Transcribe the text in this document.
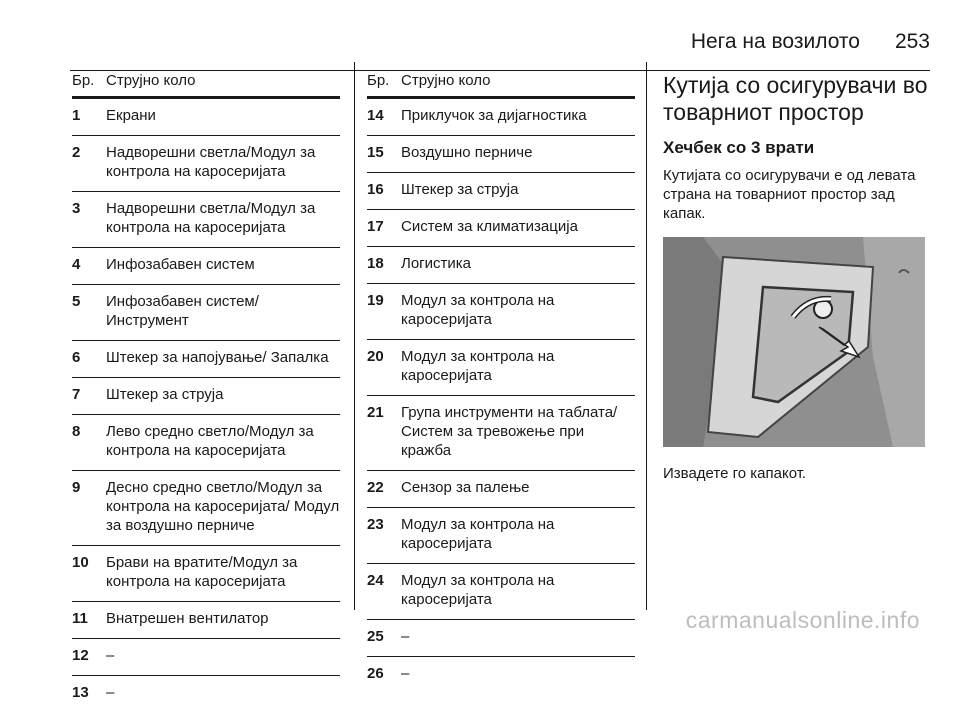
Нега на возилото 253
Бр.	Струјно коло
1	Екрани
2	Надворешни светла/Модул за контрола на каросеријата
3	Надворешни светла/Модул за контрола на каросеријата
4	Инфозабавен систем
5	Инфозабавен систем/ Инструмент
6	Штекер за напојување/ Запалка
7	Штекер за струја
8	Лево средно светло/Модул за контрола на каросеријата
9	Десно средно светло/Модул за контрола на каросеријата/ Модул за воздушно перниче
10	Брави на вратите/Модул за контрола на каросеријата
11	Внатрешен вентилатор
12	–
13	–
Бр.	Струјно коло
14	Приклучок за дијагностика
15	Воздушно перниче
16	Штекер за струја
17	Систем за климатизација
18	Логистика
19	Модул за контрола на каросеријата
20	Модул за контрола на каросеријата
21	Група инструменти на таблата/Систем за тревожење при кражба
22	Сензор за палење
23	Модул за контрола на каросеријата
24	Модул за контрола на каросеријата
25	–
26	–
Кутија со осигурувачи во товарниот простор
Хечбек со 3 врати

Кутијата со осигурувачи е од левата страна на товарниот простор зад капак.

Извадете го капакот.
carmanualsonline.info
